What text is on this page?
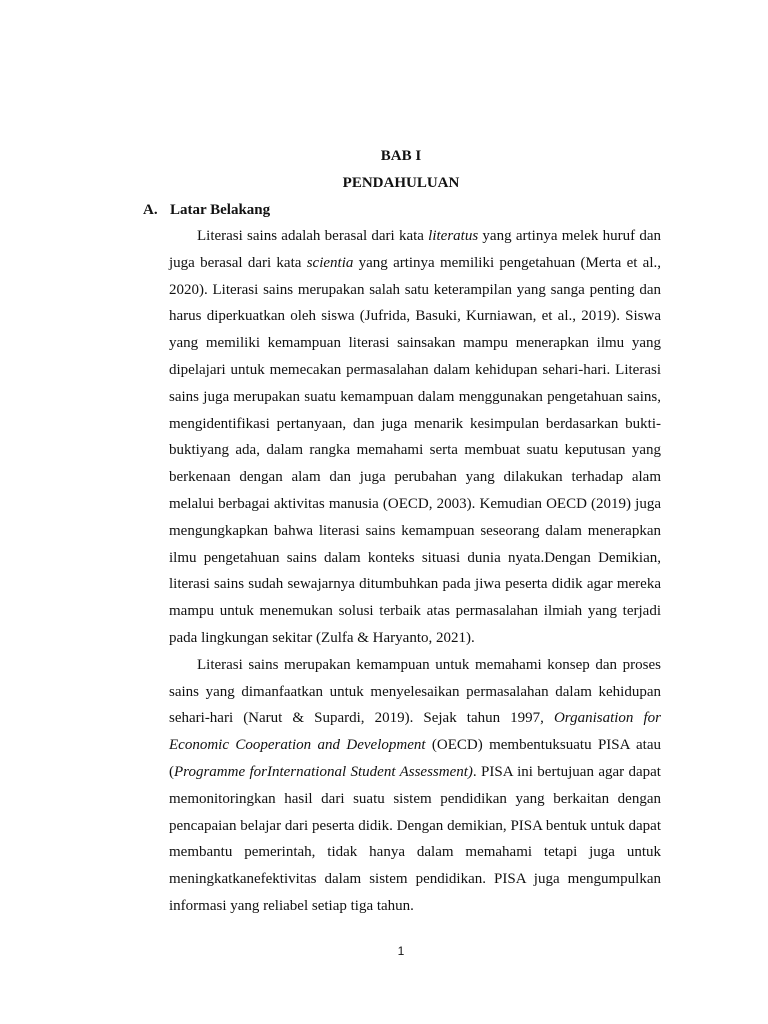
BAB I
PENDAHULUAN
A. Latar Belakang

Literasi sains adalah berasal dari kata literatus yang artinya melek huruf dan juga berasal dari kata scientia yang artinya memiliki pengetahuan (Merta et al., 2020). Literasi sains merupakan salah satu keterampilan yang sanga penting dan harus diperkuatkan oleh siswa (Jufrida, Basuki, Kurniawan, et al., 2019). Siswa yang memiliki kemampuan literasi sainsakan mampu menerapkan ilmu yang dipelajari untuk memecakan permasalahan dalam kehidupan sehari-hari. Literasi sains juga merupakan suatu kemampuan dalam menggunakan pengetahuan sains, mengidentifikasi pertanyaan, dan juga menarik kesimpulan berdasarkan bukti-buktiyang ada, dalam rangka memahami serta membuat suatu keputusan yang berkenaan dengan alam dan juga perubahan yang dilakukan terhadap alam melalui berbagai aktivitas manusia (OECD, 2003). Kemudian OECD (2019) juga mengungkapkan bahwa literasi sains kemampuan seseorang dalam menerapkan ilmu pengetahuan sains dalam konteks situasi dunia nyata.Dengan Demikian, literasi sains sudah sewajarnya ditumbuhkan pada jiwa peserta didik agar mereka mampu untuk menemukan solusi terbaik atas permasalahan ilmiah yang terjadi pada lingkungan sekitar (Zulfa & Haryanto, 2021).

Literasi sains merupakan kemampuan untuk memahami konsep dan proses sains yang dimanfaatkan untuk menyelesaikan permasalahan dalam kehidupan sehari-hari (Narut & Supardi, 2019). Sejak tahun 1997, Organisation for Economic Cooperation and Development (OECD) membentuksuatu PISA atau (Programme forInternational Student Assessment). PISA ini bertujuan agar dapat memonitoringkan hasil dari suatu sistem pendidikan yang berkaitan dengan pencapaian belajar dari peserta didik. Dengan demikian, PISA bentuk untuk dapat membantu pemerintah, tidak hanya dalam memahami tetapi juga untuk meningkatkanefektivitas dalam sistem pendidikan. PISA juga mengumpulkan informasi yang reliabel setiap tiga tahun.

1
